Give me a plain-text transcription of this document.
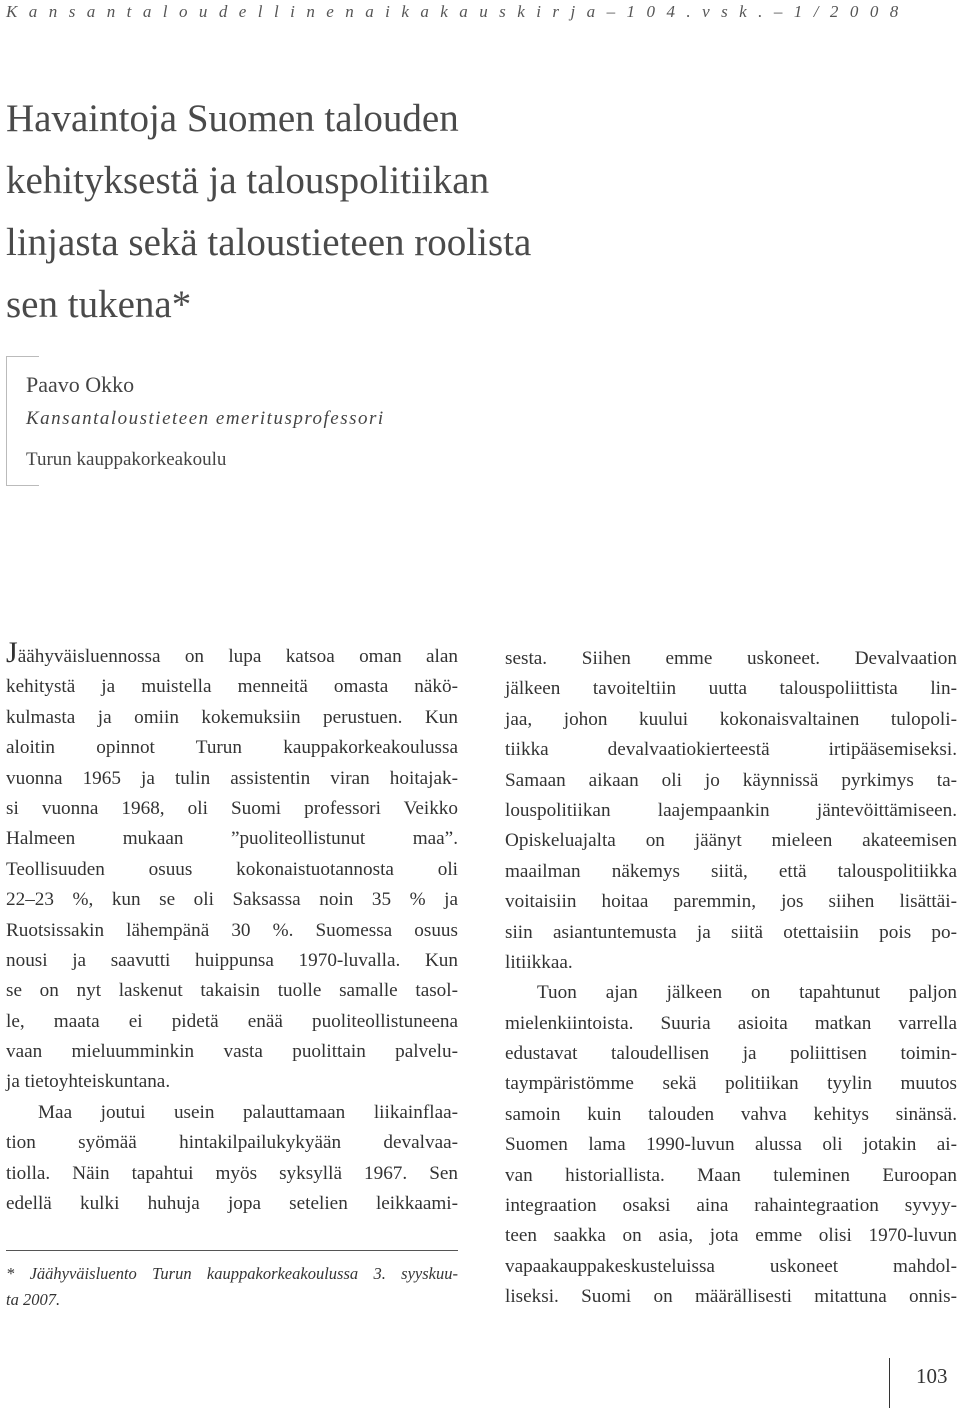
K a n s a n t a l o u d e l l i n e n a i k a k a u s k i r j a – 1 0 4 . v s k . – 1 / 2 0 0 8
Havaintoja Suomen talouden
kehityksestä ja talouspolitiikan
linjasta sekä taloustieteen roolista
sen tukena*
Paavo Okko
Kansantaloustieteen emeritusprofessori
Turun kauppakorkeakoulu
Jäähyväisluennossa on lupa katsoa oman alan
kehitystä ja muistella menneitä omasta näkö-
kulmasta ja omiin kokemuksiin perustuen. Kun
aloitin opinnot Turun kauppakorkeakoulussa
vuonna 1965 ja tulin assistentin viran hoitajak-
si vuonna 1968, oli Suomi professori Veikko
Halmeen mukaan ”puoliteollistunut maa”.
Teollisuuden osuus kokonaistuotannosta oli
22–23 %, kun se oli Saksassa noin 35 % ja
Ruotsissakin lähempänä 30 %. Suomessa osuus
nousi ja saavutti huippunsa 1970-luvalla. Kun
se on nyt laskenut takaisin tuolle samalle tasol-
le, maata ei pidetä enää puoliteollistuneena
vaan mieluumminkin vasta puolittain palvelu-
ja tietoyhteiskuntana.
Maa joutui usein palauttamaan liikainflaa-
tion syömää hintakilpailukykyään devalvaa-
tiolla. Näin tapahtui myös syksyllä 1967. Sen
edellä kulki huhuja jopa setelien leikkaami-
* Jäähyväisluento Turun kauppakorkeakoulussa 3. syyskuu-
ta 2007.
sesta. Siihen emme uskoneet. Devalvaation
jälkeen tavoiteltiin uutta talouspoliittista lin-
jaa, johon kuului kokonaisvaltainen tulopoli-
tiikka devalvaatiokierteestä irtipääsemiseksi.
Samaan aikaan oli jo käynnissä pyrkimys ta-
louspolitiikan laajempaankin jäntevöittämiseen.
Opiskeluajalta on jäänyt mieleen akateemisen
maailman näkemys siitä, että talouspolitiikka
voitaisiin hoitaa paremmin, jos siihen lisättäi-
siin asiantuntemusta ja siitä otettaisiin pois po-
litiikkaa.
Tuon ajan jälkeen on tapahtunut paljon
mielenkiintoista. Suuria asioita matkan varrella
edustavat taloudellisen ja poliittisen toimin-
taympäristömme sekä politiikan tyylin muutos
samoin kuin talouden vahva kehitys sinänsä.
Suomen lama 1990-luvun alussa oli jotakin ai-
van historiallista. Maan tuleminen Euroopan
integraation osaksi aina rahaintegraation syvyy-
teen saakka on asia, jota emme olisi 1970-luvun
vapaakauppakeskusteluissa uskoneet mahdol-
liseksi. Suomi on määrällisesti mitattuna onnis-
103
